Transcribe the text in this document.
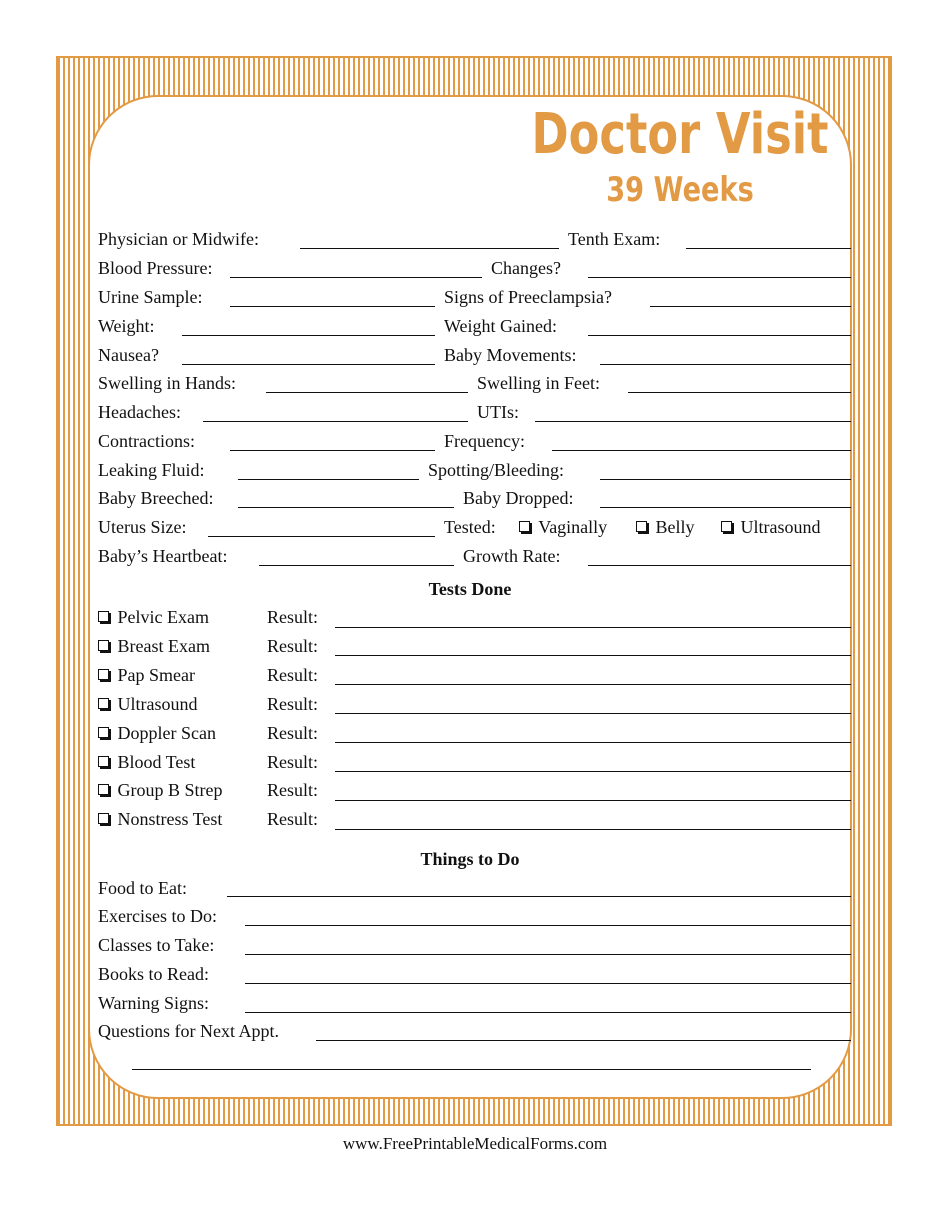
Doctor Visit
39 Weeks
Physician or Midwife:	Tenth Exam:
Blood Pressure:	Changes?
Urine Sample:	Signs of Preeclampsia?
Weight:	Weight Gained:
Nausea?	Baby Movements:
Swelling in Hands:	Swelling in Feet:
Headaches:	UTIs:
Contractions:	Frequency:
Leaking Fluid:	Spotting/Bleeding:
Baby Breeched:	Baby Dropped:
Uterus Size:	Tested:	Vaginally	Belly	Ultrasound
Baby’s Heartbeat:	Growth Rate:
Tests Done
Pelvic Exam	Result:
Breast Exam	Result:
Pap Smear	Result:
Ultrasound	Result:
Doppler Scan	Result:
Blood Test	Result:
Group B Strep Result:
Nonstress Test Result:
Things to Do
Food to Eat:
Exercises to Do:
Classes to Take:
Books to Read:
Warning Signs:
Questions for Next Appt.
www.FreePrintableMedicalForms.com
